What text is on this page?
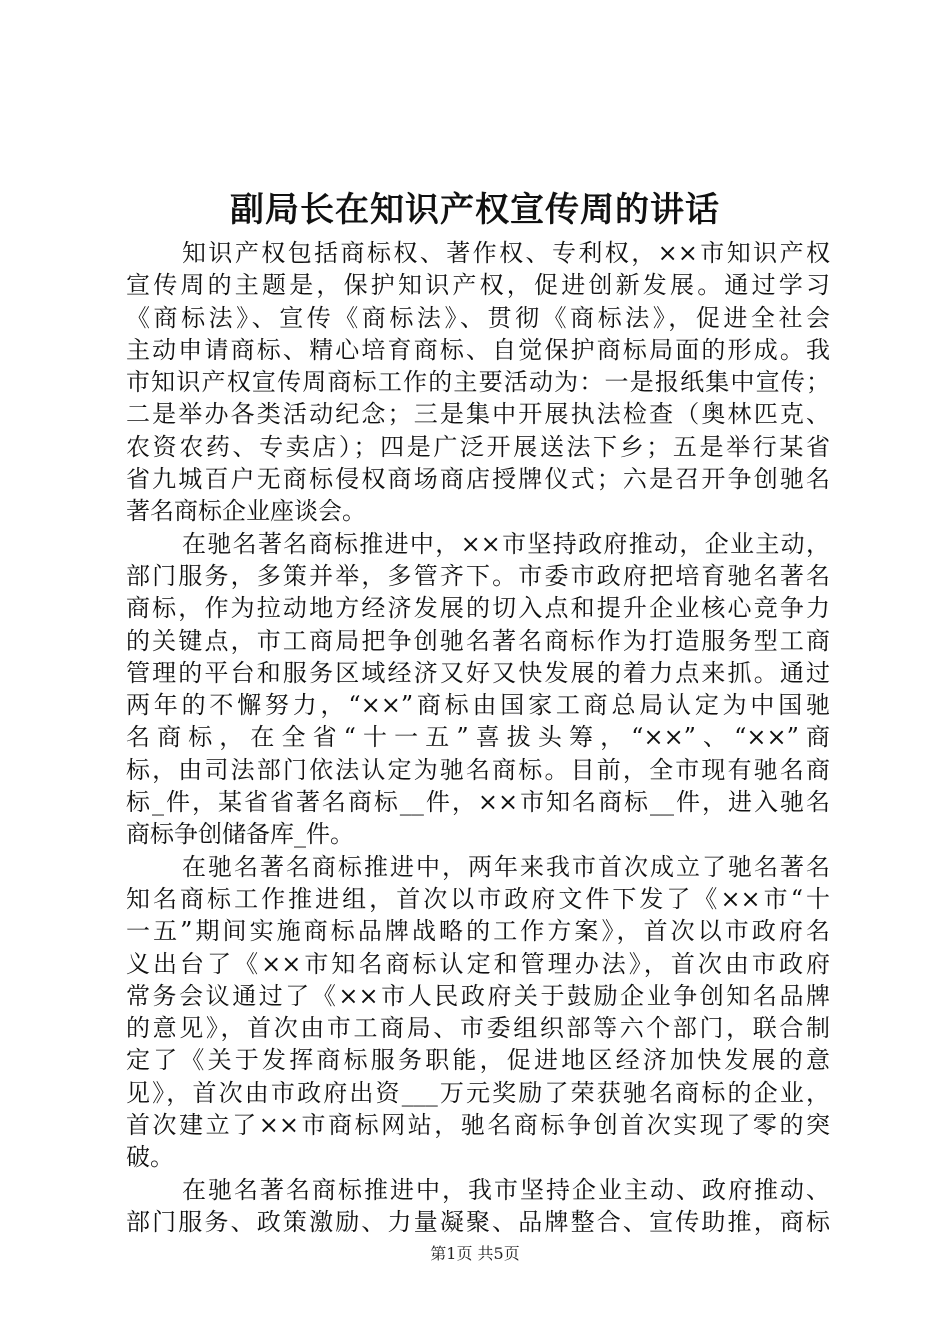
副局长在知识产权宣传周的讲话
知识产权包括商标权、著作权、专利权，××市知识产权
宣传周的主题是，保护知识产权，促进创新发展。通过学习
《商标法》、宣传《商标法》、贯彻《商标法》，促进全社会
主动申请商标、精心培育商标、自觉保护商标局面的形成。我
市知识产权宣传周商标工作的主要活动为：一是报纸集中宣传；
二是举办各类活动纪念；三是集中开展执法检查（奥林匹克、
农资农药、专卖店）；四是广泛开展送法下乡；五是举行某省
省九城百户无商标侵权商场商店授牌仪式；六是召开争创驰名
著名商标企业座谈会。
在驰名著名商标推进中，××市坚持政府推动，企业主动，
部门服务，多策并举，多管齐下。市委市政府把培育驰名著名
商标，作为拉动地方经济发展的切入点和提升企业核心竞争力
的关键点，市工商局把争创驰名著名商标作为打造服务型工商
管理的平台和服务区域经济又好又快发展的着力点来抓。通过
两年的不懈努力，“××”商标由国家工商总局认定为中国驰
名商标，在全省“十一五”喜拔头筹，“××”、“××”商
标，由司法部门依法认定为驰名商标。目前，全市现有驰名商
标_件，某省省著名商标__件，××市知名商标__件，进入驰名
商标争创储备库_件。
在驰名著名商标推进中，两年来我市首次成立了驰名著名
知名商标工作推进组，首次以市政府文件下发了《××市“十
一五”期间实施商标品牌战略的工作方案》，首次以市政府名
义出台了《××市知名商标认定和管理办法》，首次由市政府
常务会议通过了《××市人民政府关于鼓励企业争创知名品牌
的意见》，首次由市工商局、市委组织部等六个部门，联合制
定了《关于发挥商标服务职能，促进地区经济加快发展的意
见》，首次由市政府出资___万元奖励了荣获驰名商标的企业，
首次建立了××市商标网站，驰名商标争创首次实现了零的突
破。
在驰名著名商标推进中，我市坚持企业主动、政府推动、
部门服务、政策激励、力量凝聚、品牌整合、宣传助推，商标
第1页 共5页
